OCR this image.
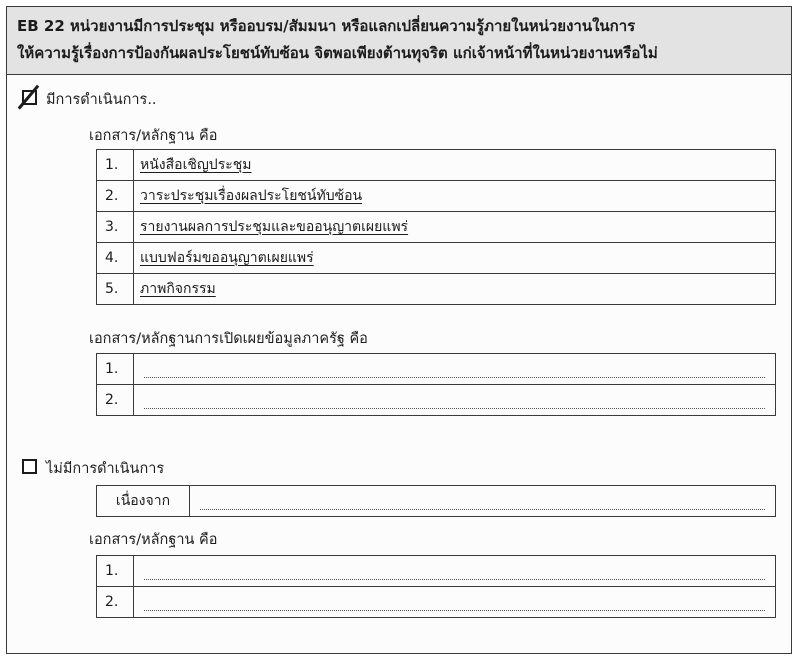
EB 22 หน่วยงานมีการประชุม หรืออบรม/สัมมนา หรือแลกเปลี่ยนความรู้ภายในหน่วยงานในการ
ให้ความรู้เรื่องการป้องกันผลประโยชน์ทับซ้อน จิตพอเพียงต้านทุจริต แก่เจ้าหน้าที่ในหน่วยงานหรือไม่
มีการดำเนินการ..
เอกสาร/หลักฐาน คือ
1.	หนังสือเชิญประชุม
2.	วาระประชุมเรื่องผลประโยชน์ทับซ้อน
3.	รายงานผลการประชุมและขออนุญาตเผยแพร่
4.	แบบฟอร์มขออนุญาตเผยแพร่
5.	ภาพกิจกรรม
เอกสาร/หลักฐานการเปิดเผยข้อมูลภาครัฐ คือ
1.	

2.	
ไม่มีการดำเนินการ
เนื่องจาก	
เอกสาร/หลักฐาน คือ
1.	

2.	
